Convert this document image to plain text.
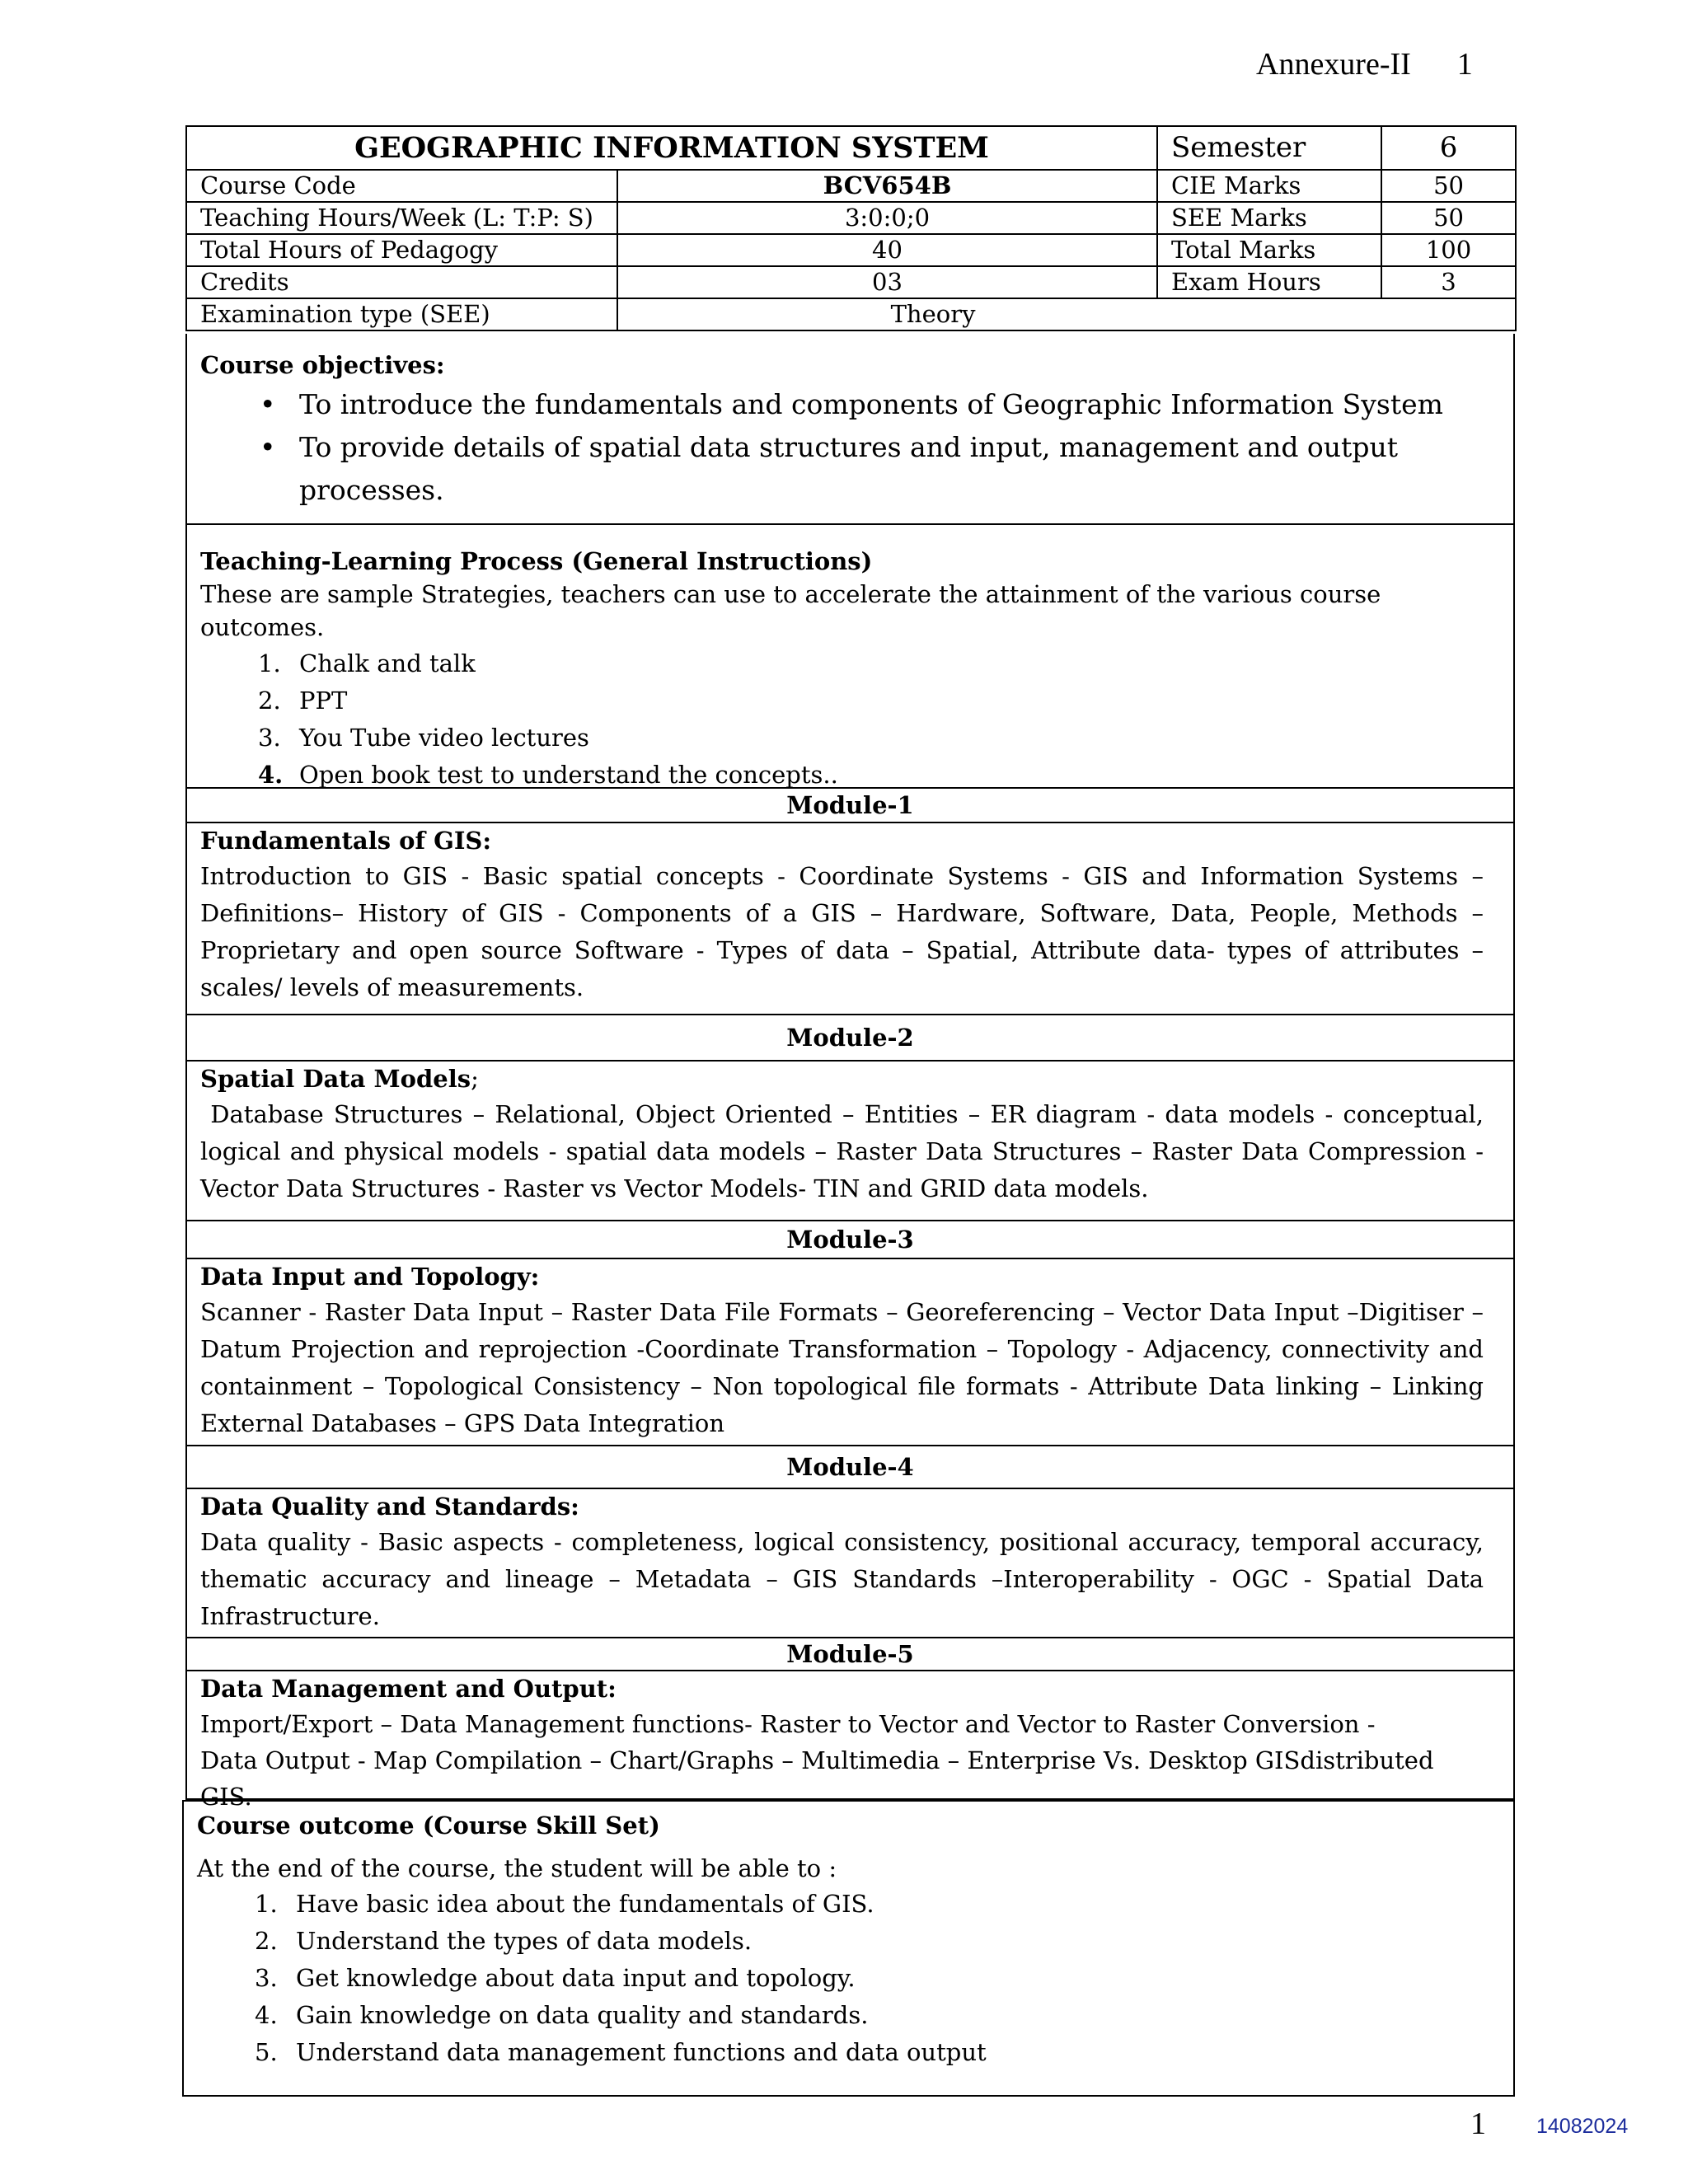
Annexure-II 1
GEOGRAPHIC INFORMATION SYSTEM		Semester	6
Course Code	BCV654B	CIE Marks	50
Teaching Hours/Week (L: T:P: S)	3:0:0;0	SEE Marks	50
Total Hours of Pedagogy	40	Total Marks	100
Credits	03	Exam Hours	3
Examination type (SEE)	Theory		
Course objectives:
• To introduce the fundamentals and components of Geographic Information System
• To provide details of spatial data structures and input, management and output processes.
Teaching-Learning Process (General Instructions)
These are sample Strategies, teachers can use to accelerate the attainment of the various course outcomes.
1. Chalk and talk
2. PPT
3. You Tube video lectures
4. Open book test to understand the concepts..
Module-1
Fundamentals of GIS:
Introduction to GIS - Basic spatial concepts - Coordinate Systems - GIS and Information Systems – Definitions– History of GIS - Components of a GIS – Hardware, Software, Data, People, Methods – Proprietary and open source Software - Types of data – Spatial, Attribute data- types of attributes – scales/ levels of measurements.
Module-2
Spatial Data Models;
Database Structures – Relational, Object Oriented – Entities – ER diagram - data models - conceptual, logical and physical models - spatial data models – Raster Data Structures – Raster Data Compression - Vector Data Structures - Raster vs Vector Models- TIN and GRID data models.
Module-3
Data Input and Topology:
Scanner - Raster Data Input – Raster Data File Formats – Georeferencing – Vector Data Input –Digitiser – Datum Projection and reprojection -Coordinate Transformation – Topology - Adjacency, connectivity and containment – Topological Consistency – Non topological file formats - Attribute Data linking – Linking External Databases – GPS Data Integration
Module-4
Data Quality and Standards:
Data quality - Basic aspects - completeness, logical consistency, positional accuracy, temporal accuracy, thematic accuracy and lineage – Metadata – GIS Standards –Interoperability - OGC - Spatial Data Infrastructure.
Module-5
Data Management and Output:
Import/Export – Data Management functions- Raster to Vector and Vector to Raster Conversion -
Data Output - Map Compilation – Chart/Graphs – Multimedia – Enterprise Vs. Desktop GISdistributed GIS.
Course outcome (Course Skill Set)
At the end of the course, the student will be able to :
1. Have basic idea about the fundamentals of GIS.
2. Understand the types of data models.
3. Get knowledge about data input and topology.
4. Gain knowledge on data quality and standards.
5. Understand data management functions and data output
1 14082024
